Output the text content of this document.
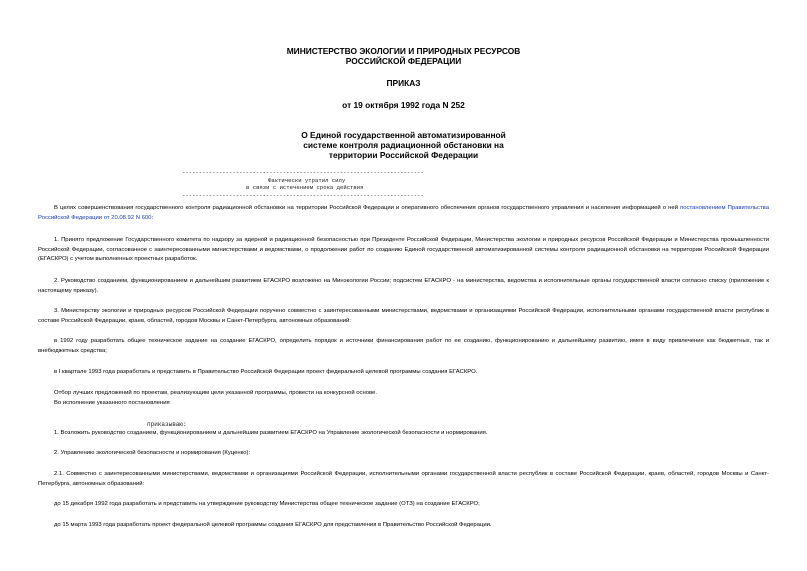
МИНИСТЕРСТВО ЭКОЛОГИИ И ПРИРОДНЫХ РЕСУРСОВ
РОССИЙСКОЙ ФЕДЕРАЦИИ
ПРИКАЗ
от 19 октября 1992 года N 252
О Единой государственной автоматизированной
системе контроля радиационной обстановки на
территории Российской Федерации
------------------------------------------------------------------------
Фактически утратил силу
в связи с истечением срока действия
------------------------------------------------------------------------
В целях совершенствования государственного контроля радиационной обстановки на территории Российской Федерации и оперативного обеспечения органов государственного управления и населения информацией о ней постановлением Правительства Российской Федерации от 20.08.92 N 600:
1. Принято предложение Государственного комитета по надзору за ядерной и радиационной безопасностью при Президенте Российской Федерации, Министерства экологии и природных ресурсов Российской Федерации и Министерства промышленности Российской Федерации, согласованное с заинтересованными министерствами и ведомствами, о продолжении работ по созданию Единой государственной автоматизированной системы контроля радиационной обстановки на территории Российской Федерации (ЕГАСКРО) с учетом выполненных проектных разработок.
2. Руководство созданием, функционированием и дальнейшим развитием ЕГАСКРО возложено на Минэкологии России; подсистем ЕГАСКРО - на министерства, ведомства и исполнительные органы государственной власти согласно списку (приложение к настоящему приказу).
3. Министерству экологии и природных ресурсов Российской Федерации поручено совместно с заинтересованными министерствами, ведомствами и организациями Российской Федерации, исполнительными органами государственной власти республик в составе Российской Федерации, краев, областей, городов Москвы и Санкт-Петербурга, автономных образований:
в 1992 году разработать общее техническое задание на создание ЕГАСКРО, определить порядок и источники финансирования работ по ее созданию, функционированию и дальнейшему развитию, имея в виду привлечение как бюджетных, так и внебюджетных средства;
в I квартале 1993 года разработать и представить в Правительство Российской Федерации проект федеральной целевой программы создания ЕГАСКРО.
Отбор лучших предложений по проектам, реализующим цели указанной программы, провести на конкурсной основе.
Во исполнение указанного постановления
приказываю:
1. Возложить руководство созданием, функционированием и дальнейшим развитием ЕГАСКРО на Управление экологической безопасности и нормирования.
2. Управлению экологической безопасности и нормирования (Куценко):
2.1. Совместно с заинтересованными министерствами, ведомствами и организациями Российской Федерации, исполнительными органами государственной власти республик в составе Российской Федерации, краев, областей, городов Москвы и Санкт-Петербурга, автономных образований:
до 15 декабря 1992 года разработать и представить на утверждение руководству Министерства общее техническое задание (ОТЗ) на создание ЕГАСКРО;
до 15 марта 1993 года разработать проект федеральной целевой программы создания ЕГАСКРО для представления в Правительство Российской Федерации.
